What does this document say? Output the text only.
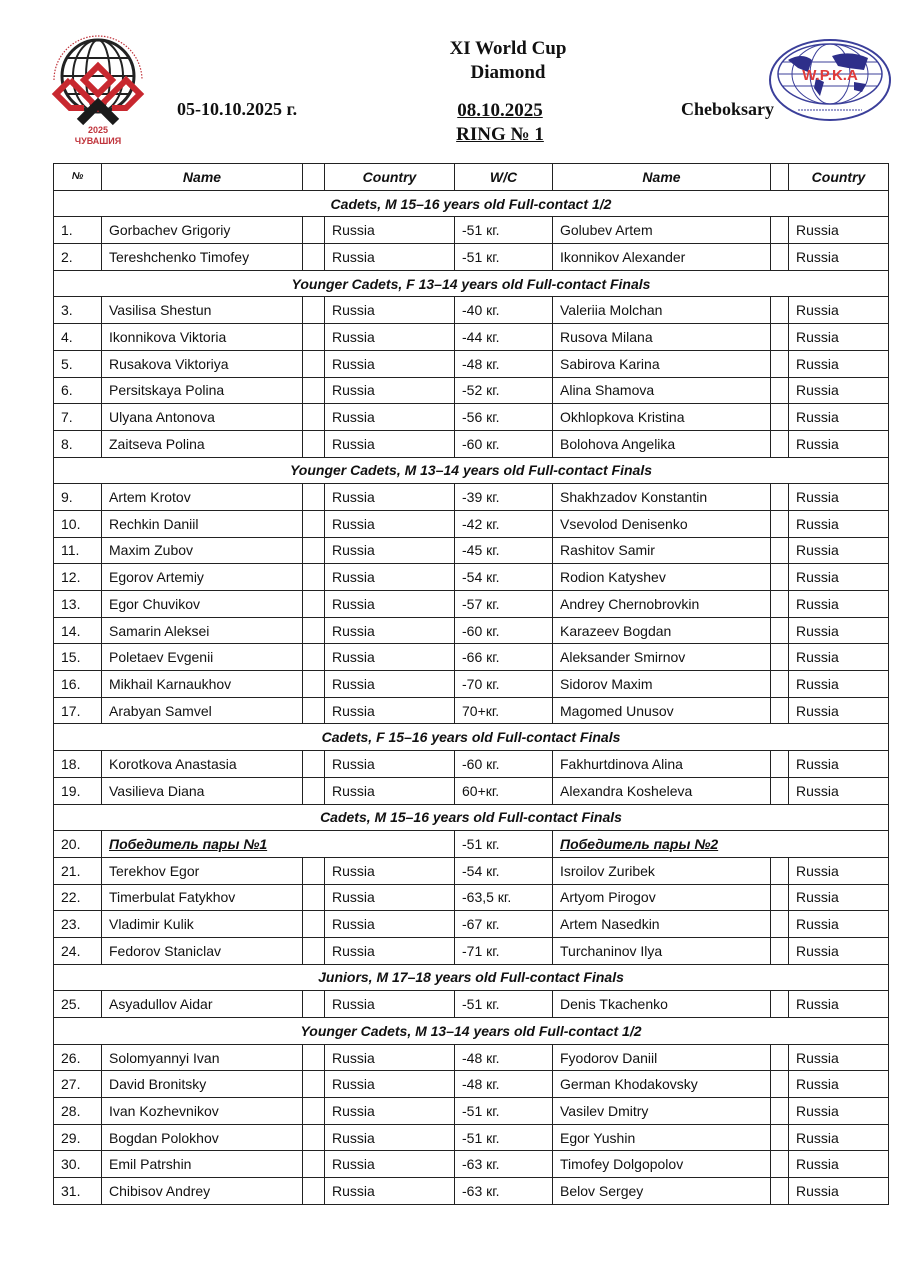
2025
ЧУВАШИЯ
XI World Cup
Diamond
05-10.10.2025 г.	08.10.2025
RING № 1
Cheboksary
W.P.K.A
№	Name		Country	W/C	Name		Country
Cadets, M 15–16 years old Full-contact 1/2							
1.	Gorbachev Grigoriy		Russia	-51 кг.	Golubev Artem		Russia
2.	Tereshchenko Timofey		Russia	-51 кг.	Ikonnikov Alexander		Russia
Younger Cadets, F 13–14 years old Full-contact Finals							
3.	Vasilisa Shestun		Russia	-40 кг.	Valeriia Molchan		Russia
4.	Ikonnikova Viktoria		Russia	-44 кг.	Rusova Milana		Russia
5.	Rusakova Viktoriya		Russia	-48 кг.	Sabirova Karina		Russia
6.	Persitskaya Polina		Russia	-52 кг.	Alina Shamova		Russia
7.	Ulyana Antonova		Russia	-56 кг.	Okhlopkova Kristina		Russia
8.	Zaitseva Polina		Russia	-60 кг.	Bolohova Angelika		Russia
Younger Cadets, M 13–14 years old Full-contact Finals							
9.	Artem Krotov		Russia	-39 кг.	Shakhzadov Konstantin		Russia
10.	Rechkin Daniil		Russia	-42 кг.	Vsevolod Denisenko		Russia
11.	Maxim Zubov		Russia	-45 кг.	Rashitov Samir		Russia
12.	Egorov Artemiy		Russia	-54 кг.	Rodion Katyshev		Russia
13.	Egor Chuvikov		Russia	-57 кг.	Andrey Chernobrovkin		Russia
14.	Samarin Aleksei		Russia	-60 кг.	Karazeev Bogdan		Russia
15.	Poletaev Evgenii		Russia	-66 кг.	Aleksander Smirnov		Russia
16.	Mikhail Karnaukhov		Russia	-70 кг.	Sidorov Maxim		Russia
17.	Arabyan Samvel		Russia	70+кг.	Magomed Unusov		Russia
Cadets, F 15–16 years old Full-contact Finals							
18.	Korotkova Anastasia		Russia	-60 кг.	Fakhurtdinova Alina		Russia
19.	Vasilieva Diana		Russia	60+кг.	Alexandra Kosheleva		Russia
Cadets, M 15–16 years old Full-contact Finals							
20.	Победитель пары №1			-51 кг.	Победитель пары №2		
21.	Terekhov Egor		Russia	-54 кг.	Isroilov Zuribek		Russia
22.	Timerbulat Fatykhov		Russia	-63,5 кг.	Artyom Pirogov		Russia
23.	Vladimir Kulik		Russia	-67 кг.	Artem Nasedkin		Russia
24.	Fedorov Staniclav		Russia	-71 кг.	Turchaninov Ilya		Russia
Juniors, M 17–18 years old Full-contact Finals							
25.	Asyadullov Aidar		Russia	-51 кг.	Denis Tkachenko		Russia
Younger Cadets, M 13–14 years old Full-contact 1/2							
26.	Solomyannyi Ivan		Russia	-48 кг.	Fyodorov Daniil		Russia
27.	David Bronitsky		Russia	-48 кг.	German Khodakovsky		Russia
28.	Ivan Kozhevnikov		Russia	-51 кг.	Vasilev Dmitry		Russia
29.	Bogdan Polokhov		Russia	-51 кг.	Egor Yushin		Russia
30.	Emil Patrshin		Russia	-63 кг.	Timofey Dolgopolov		Russia
31.	Chibisov Andrey		Russia	-63 кг.	Belov Sergey		Russia
